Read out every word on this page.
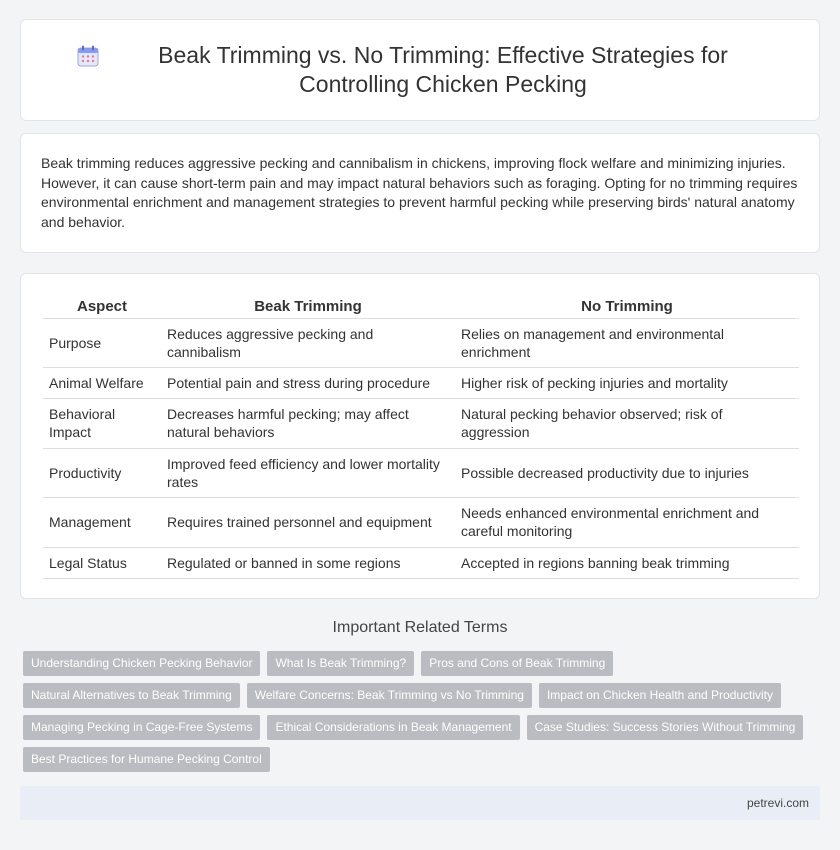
Beak Trimming vs. No Trimming: Effective Strategies for Controlling Chicken Pecking

Beak trimming reduces aggressive pecking and cannibalism in chickens, improving flock welfare and minimizing injuries. However, it can cause short-term pain and may impact natural behaviors such as foraging. Opting for no trimming requires environmental enrichment and management strategies to prevent harmful pecking while preserving birds' natural anatomy and behavior.

Aspect	Beak Trimming	No Trimming
Purpose	Reduces aggressive pecking and cannibalism	Relies on management and environmental enrichment
Animal Welfare	Potential pain and stress during procedure	Higher risk of pecking injuries and mortality
Behavioral Impact	Decreases harmful pecking; may affect natural behaviors	Natural pecking behavior observed; risk of aggression
Productivity	Improved feed efficiency and lower mortality rates	Possible decreased productivity due to injuries
Management	Requires trained personnel and equipment	Needs enhanced environmental enrichment and careful monitoring
Legal Status	Regulated or banned in some regions	Accepted in regions banning beak trimming
Important Related Terms
Understanding Chicken Pecking Behavior	What Is Beak Trimming?	Pros and Cons of Beak Trimming
Natural Alternatives to Beak Trimming	Welfare Concerns: Beak Trimming vs No Trimming	Impact on Chicken Health and Productivity
Managing Pecking in Cage-Free Systems	Ethical Considerations in Beak Management	Case Studies: Success Stories Without Trimming
Best Practices for Humane Pecking Control
petrevi.com
